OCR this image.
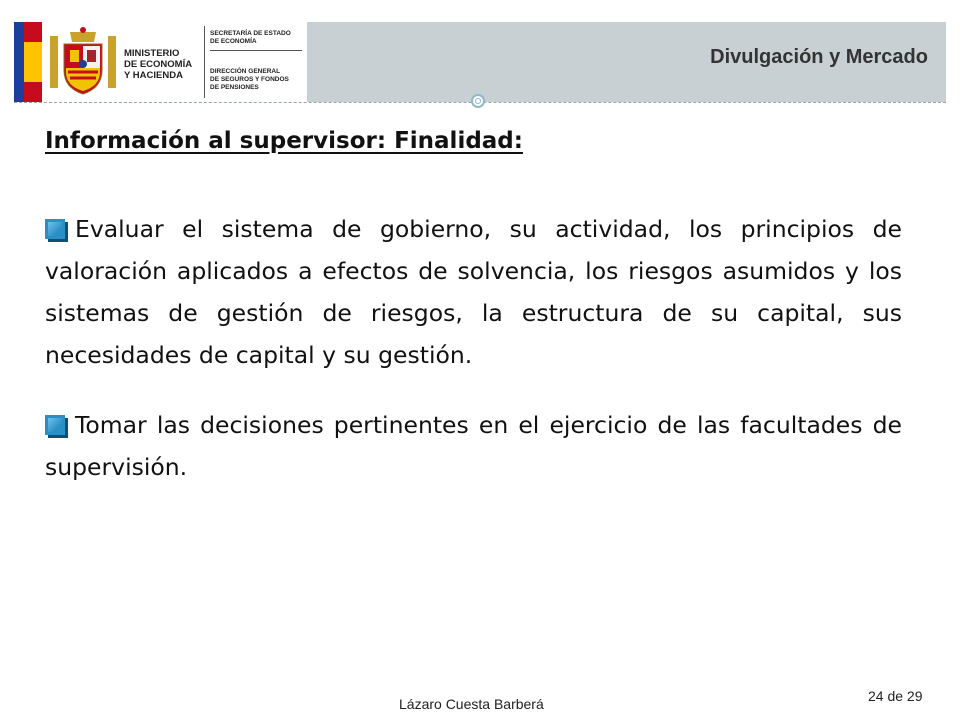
MINISTERIO
DE ECONOMÍA
Y HACIENDA
SECRETARÍA DE ESTADO
DE ECONOMÍA
DIRECCIÓN GENERAL
DE SEGUROS Y FONDOS
DE PENSIONES
Divulgación y Mercado
Información al supervisor: Finalidad:

Evaluar el sistema de gobierno, su actividad, los principios de valoración aplicados a efectos de solvencia, los riesgos asumidos y los sistemas de gestión de riesgos, la estructura de su capital, sus necesidades de capital y su gestión.

Tomar las decisiones pertinentes en el ejercicio de las facultades de supervisión.

Lázaro Cuesta Barberá	24 de 29
